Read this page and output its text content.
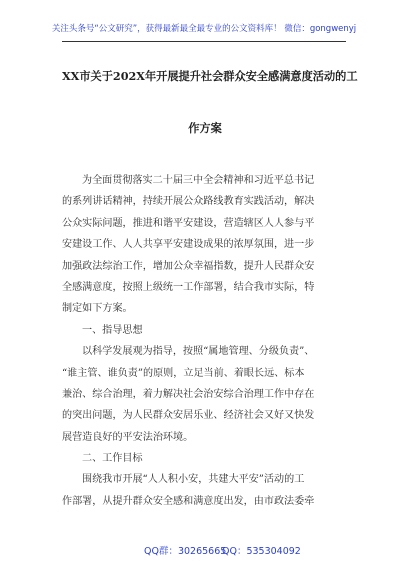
关注头条号“公文研究”，获得最新最全最专业的公文资料库！ 微信：gongwenyj
XX市关于202X年开展提升社会群众安全感满意度活动的工
作方案
为全面贯彻落实二十届三中全会精神和习近平总书记
的系列讲话精神，持续开展公众路线教育实践活动，解决
公众实际问题，推进和谐平安建设，营造辖区人人参与平
安建设工作、人人共享平安建设成果的浓厚氛围，进一步
加强政法综治工作，增加公众幸福指数，提升人民群众安
全感满意度，按照上级统一工作部署，结合我市实际，特
制定如下方案。
一、指导思想
以科学发展观为指导，按照“属地管理、分级负责”、
“谁主管、谁负责”的原则，立足当前、着眼长远、标本
兼治、综合治理，着力解决社会治安综合治理工作中存在
的突出问题，为人民群众安居乐业、经济社会又好又快发
展营造良好的平安法治环境。
二、工作目标
围绕我市开展“人人积小安，共建大平安”活动的工
作部署，从提升群众安全感和满意度出发，由市政法委牵
QQ群：30265665
QQ：535304092
